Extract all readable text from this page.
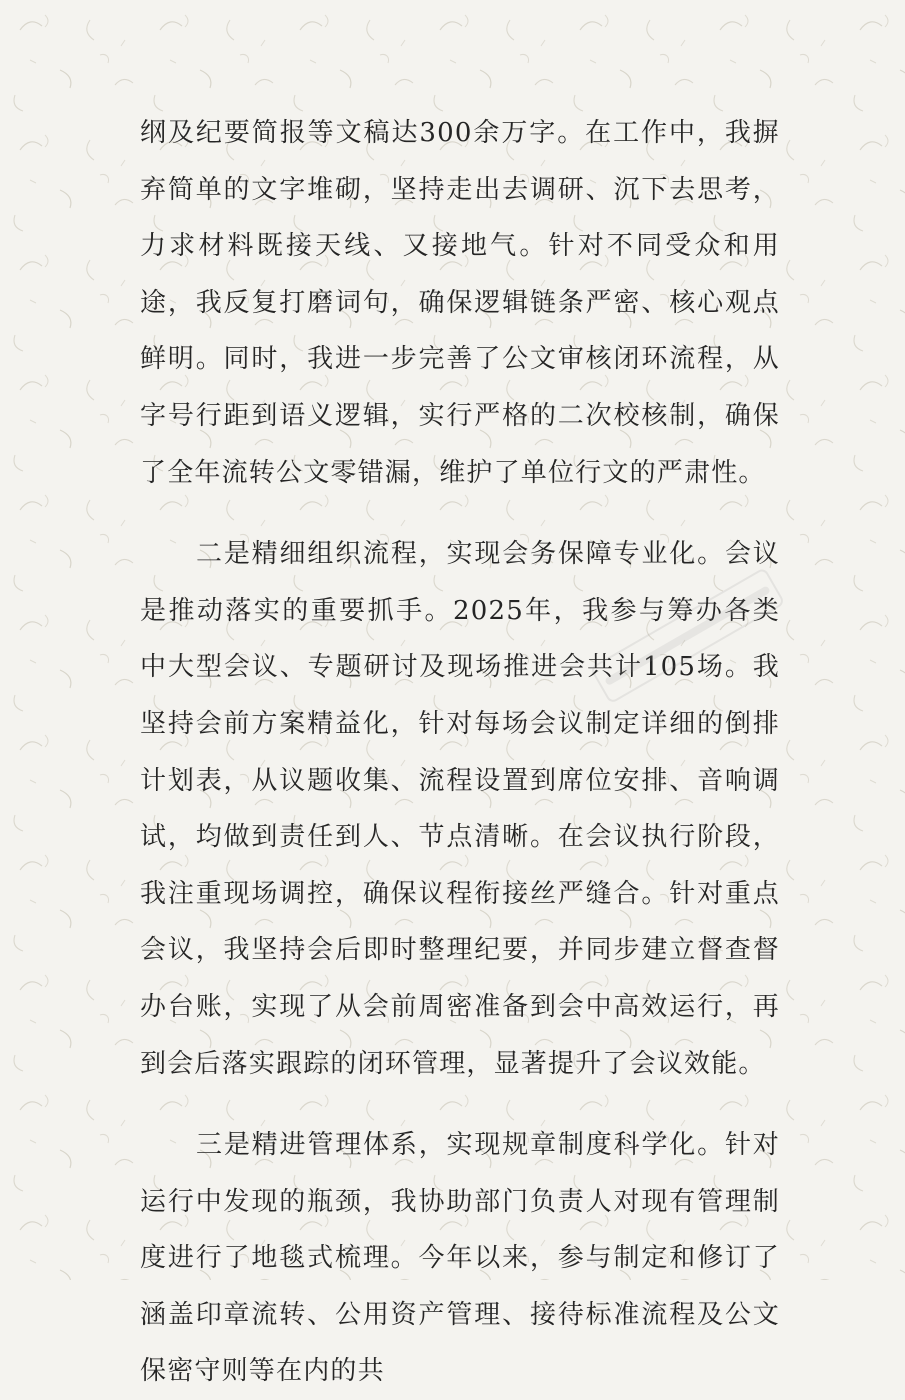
纲及纪要简报等文稿达300余万字。在工作中，我摒弃简单的文字堆砌，坚持走出去调研、沉下去思考，力求材料既接天线、又接地气。针对不同受众和用途，我反复打磨词句，确保逻辑链条严密、核心观点鲜明。同时，我进一步完善了公文审核闭环流程，从字号行距到语义逻辑，实行严格的二次校核制，确保了全年流转公文零错漏，维护了单位行文的严肃性。

二是精细组织流程，实现会务保障专业化。会议是推动落实的重要抓手。2025年，我参与筹办各类中大型会议、专题研讨及现场推进会共计105场。我坚持会前方案精益化，针对每场会议制定详细的倒排计划表，从议题收集、流程设置到席位安排、音响调试，均做到责任到人、节点清晰。在会议执行阶段，我注重现场调控，确保议程衔接丝严缝合。针对重点会议，我坚持会后即时整理纪要，并同步建立督查督办台账，实现了从会前周密准备到会中高效运行，再到会后落实跟踪的闭环管理，显著提升了会议效能。

三是精进管理体系，实现规章制度科学化。针对运行中发现的瓶颈，我协助部门负责人对现有管理制度进行了地毯式梳理。今年以来，参与制定和修订了涵盖印章流转、公用资产管理、接待标准流程及公文保密守则等在内的共
